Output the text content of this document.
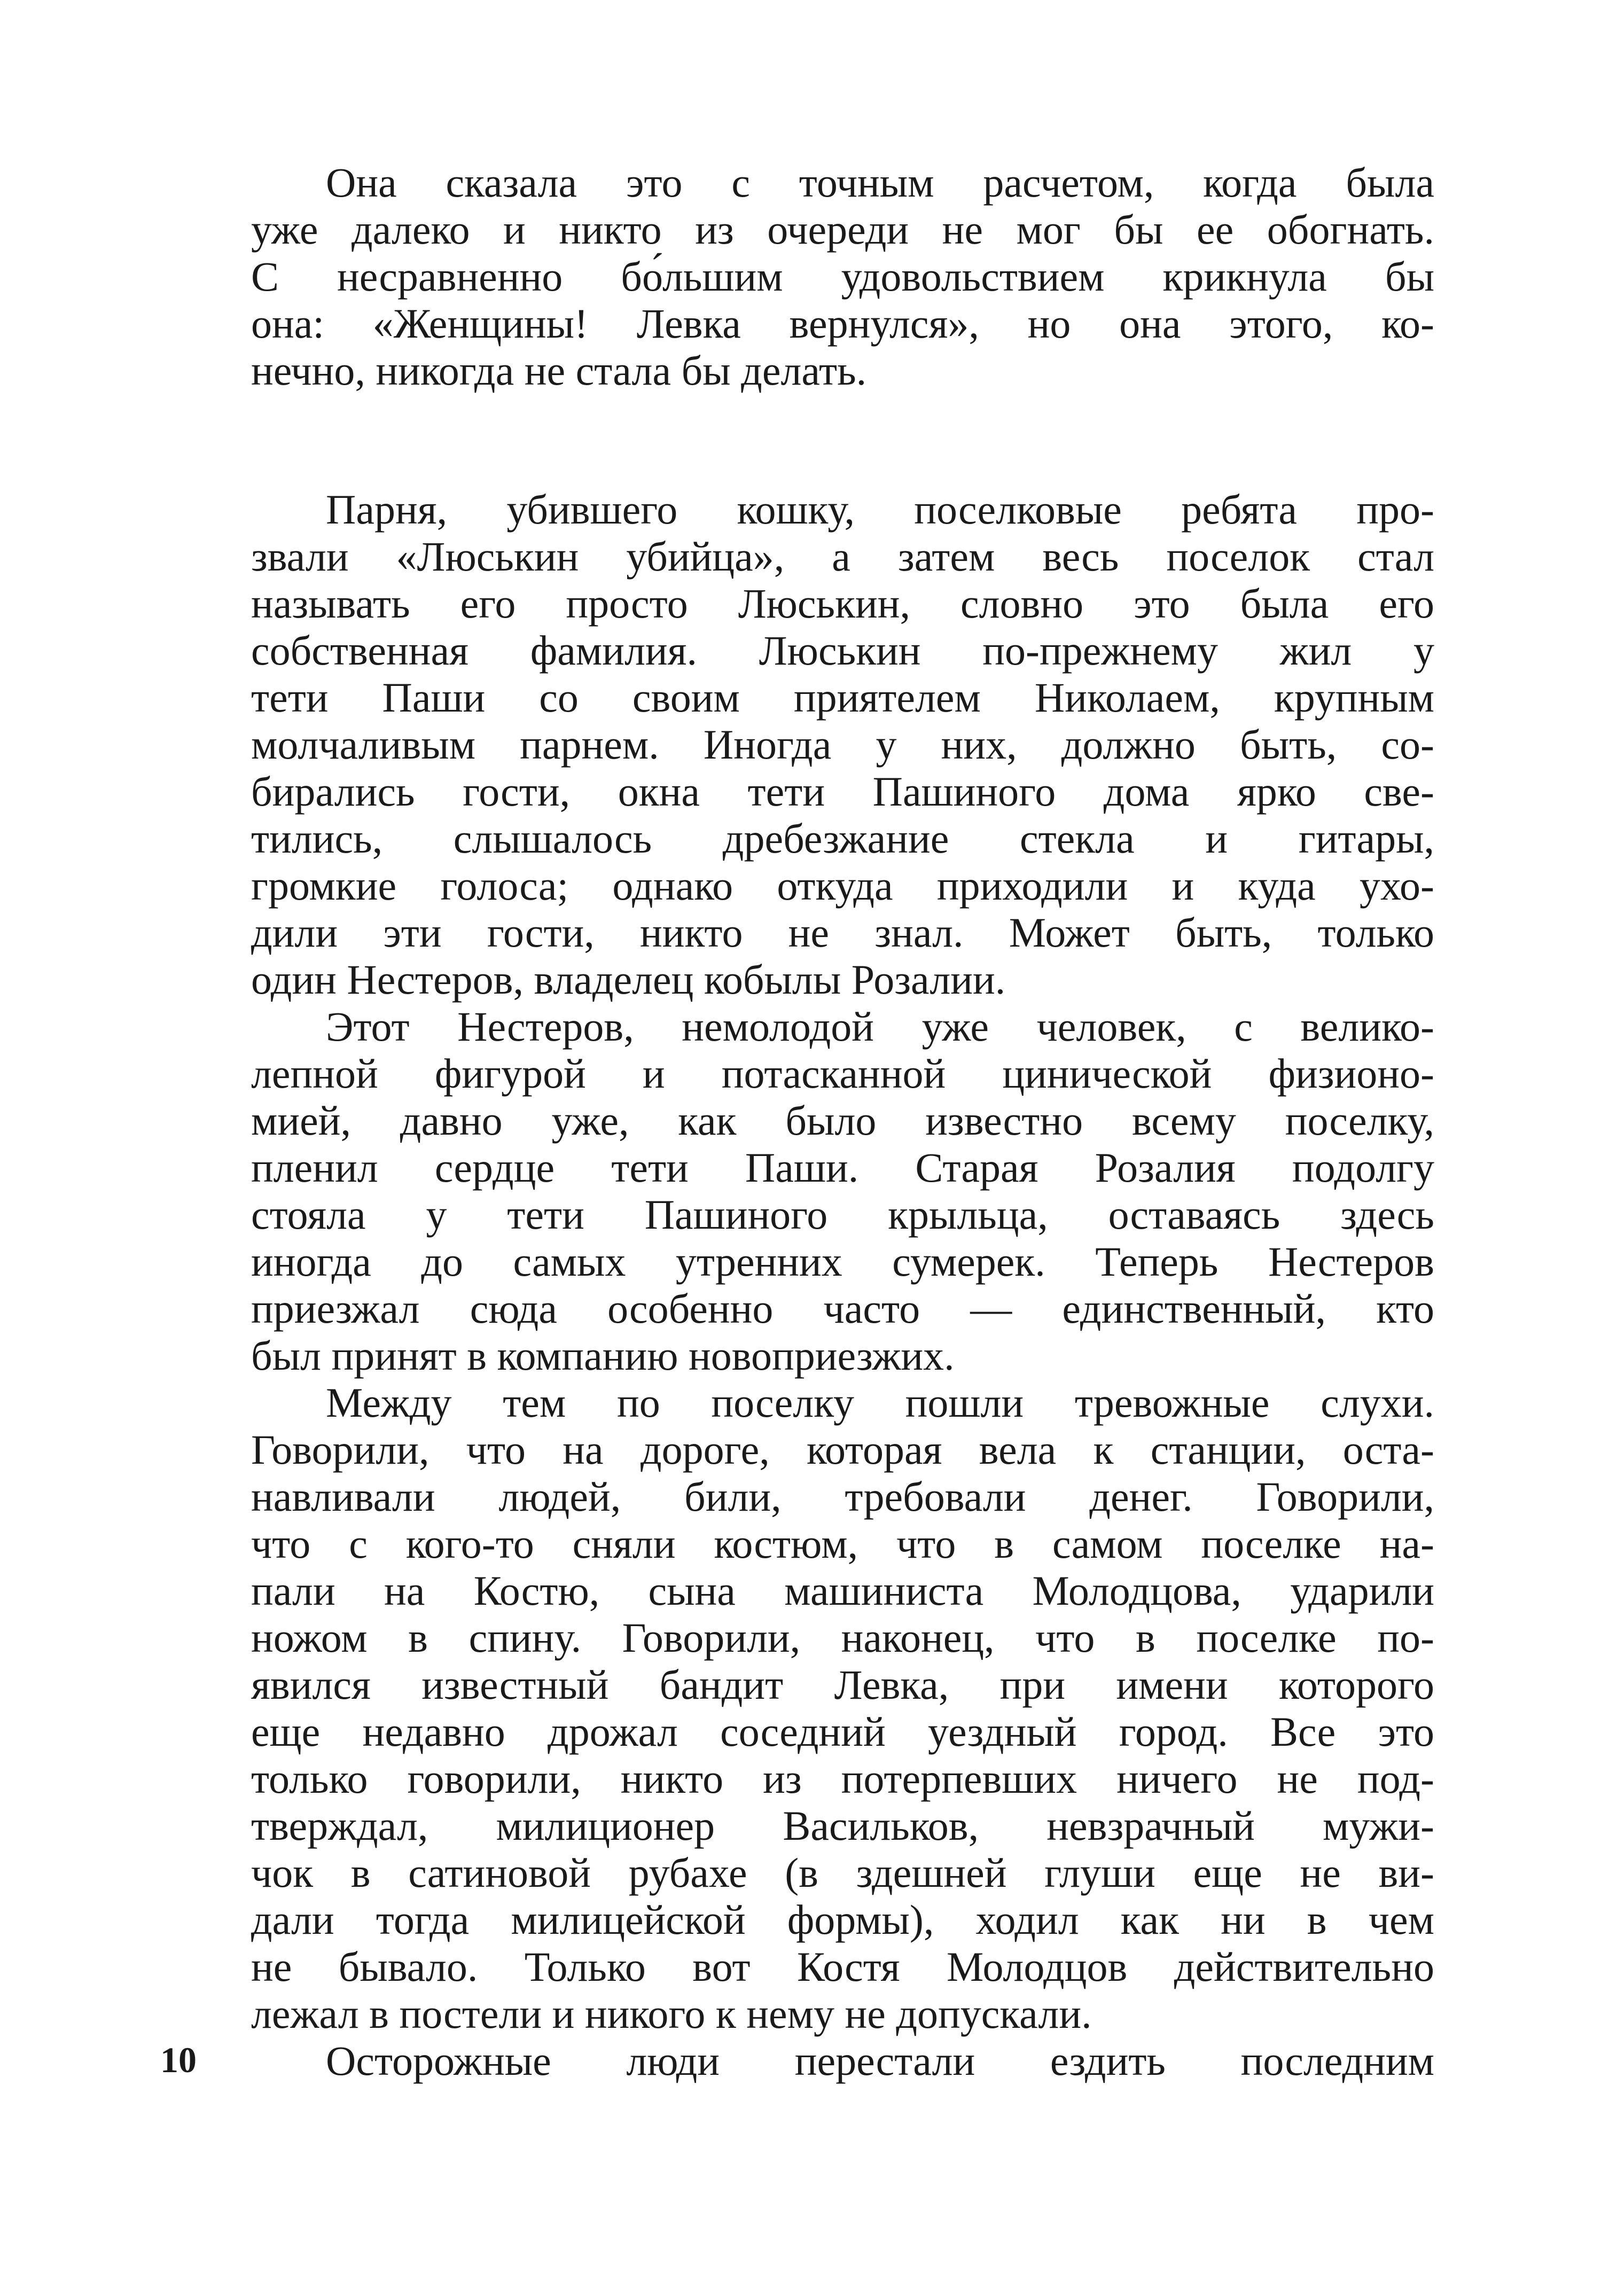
Она сказала это с точным расчетом, когда была
уже далеко и никто из очереди не мог бы ее обогнать.
С несравненно бо́льшим удовольствием крикнула бы
она: «Женщины! Левка вернулся», но она этого, ко-
нечно, никогда не стала бы делать.
Парня, убившего кошку, поселковые ребята про-
звали «Люськин убийца», а затем весь поселок стал
называть его просто Люськин, словно это была его
собственная фамилия. Люськин по-прежнему жил у
тети Паши со своим приятелем Николаем, крупным
молчаливым парнем. Иногда у них, должно быть, со-
бирались гости, окна тети Пашиного дома ярко све-
тились, слышалось дребезжание стекла и гитары,
громкие голоса; однако откуда приходили и куда ухо-
дили эти гости, никто не знал. Может быть, только
один Нестеров, владелец кобылы Розалии.
Этот Нестеров, немолодой уже человек, с велико-
лепной фигурой и потасканной цинической физионо-
мией, давно уже, как было известно всему поселку,
пленил сердце тети Паши. Старая Розалия подолгу
стояла у тети Пашиного крыльца, оставаясь здесь
иногда до самых утренних сумерек. Теперь Нестеров
приезжал сюда особенно часто — единственный, кто
был принят в компанию новоприезжих.
Между тем по поселку пошли тревожные слухи.
Говорили, что на дороге, которая вела к станции, оста-
навливали людей, били, требовали денег. Говорили,
что с кого-то сняли костюм, что в самом поселке на-
пали на Костю, сына машиниста Молодцова, ударили
ножом в спину. Говорили, наконец, что в поселке по-
явился известный бандит Левка, при имени которого
еще недавно дрожал соседний уездный город. Все это
только говорили, никто из потерпевших ничего не под-
тверждал, милиционер Васильков, невзрачный мужи-
чок в сатиновой рубахе (в здешней глуши еще не ви-
дали тогда милицейской формы), ходил как ни в чем
не бывало. Только вот Костя Молодцов действительно
лежал в постели и никого к нему не допускали.
Осторожные люди перестали ездить последним
10
